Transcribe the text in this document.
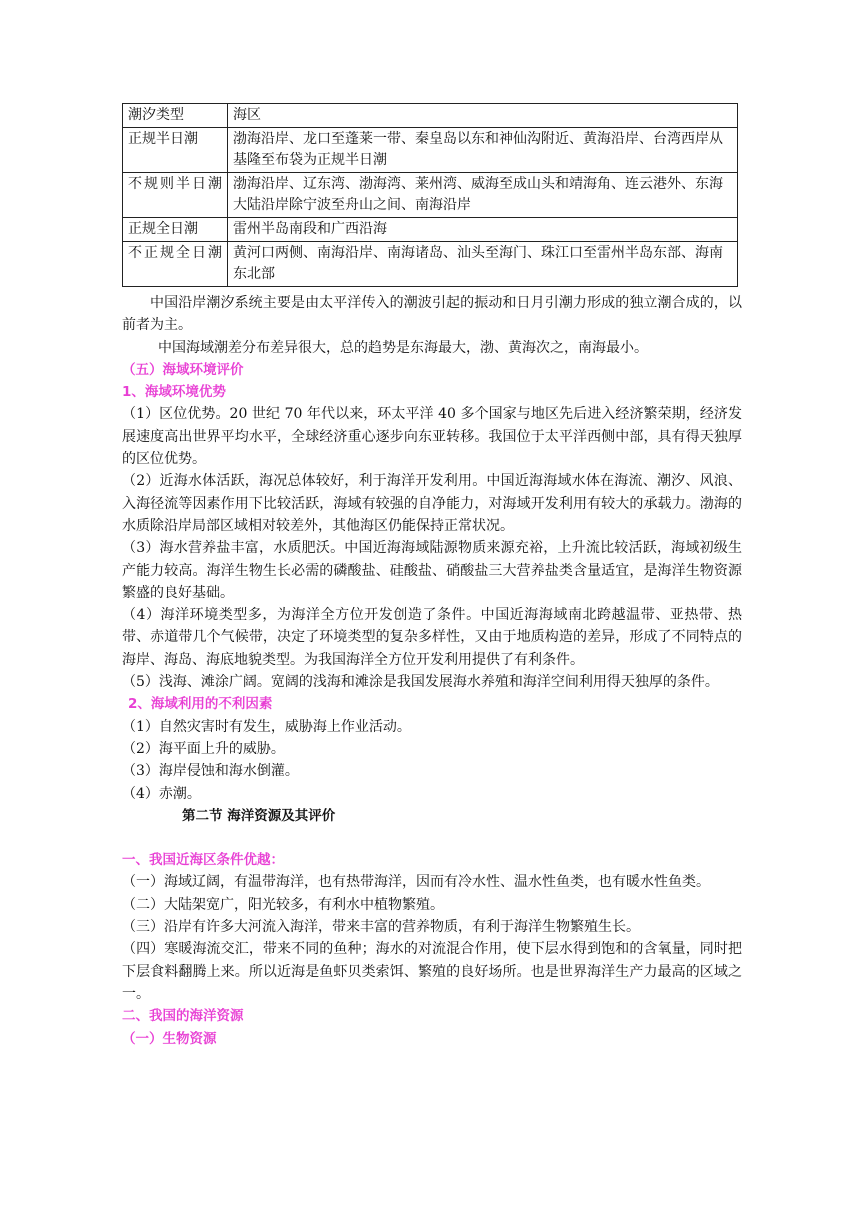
潮汐类型	海区
正规半日潮	渤海沿岸、龙口至蓬莱一带、秦皇岛以东和神仙沟附近、黄海沿岸、台湾西岸从基隆至布袋为正规半日潮
不规则半日潮	渤海沿岸、辽东湾、渤海湾、莱州湾、威海至成山头和靖海角、连云港外、东海大陆沿岸除宁波至舟山之间、南海沿岸
正规全日潮	雷州半岛南段和广西沿海
不正规全日潮	黄河口两侧、南海沿岸、南海诸岛、汕头至海门、珠江口至雷州半岛东部、海南东北部

中国沿岸潮汐系统主要是由太平洋传入的潮波引起的振动和日月引潮力形成的独立潮合成的，以前者为主。

中国海域潮差分布差异很大，总的趋势是东海最大，渤、黄海次之，南海最小。

（五）海域环境评价

1、海域环境优势

（1）区位优势。20 世纪 70 年代以来，环太平洋 40 多个国家与地区先后进入经济繁荣期，经济发展速度高出世界平均水平，全球经济重心逐步向东亚转移。我国位于太平洋西侧中部，具有得天独厚的区位优势。

（2）近海水体活跃，海况总体较好，利于海洋开发利用。中国近海海域水体在海流、潮汐、风浪、入海径流等因素作用下比较活跃，海域有较强的自净能力，对海域开发利用有较大的承载力。渤海的水质除沿岸局部区域相对较差外，其他海区仍能保持正常状况。

（3）海水营养盐丰富，水质肥沃。中国近海海域陆源物质来源充裕，上升流比较活跃，海域初级生产能力较高。海洋生物生长必需的磷酸盐、硅酸盐、硝酸盐三大营养盐类含量适宜，是海洋生物资源繁盛的良好基础。

（4）海洋环境类型多，为海洋全方位开发创造了条件。中国近海海域南北跨越温带、亚热带、热带、赤道带几个气候带，决定了环境类型的复杂多样性，又由于地质构造的差异，形成了不同特点的海岸、海岛、海底地貌类型。为我国海洋全方位开发利用提供了有利条件。

（5）浅海、滩涂广阔。宽阔的浅海和滩涂是我国发展海水养殖和海洋空间利用得天独厚的条件。

2、海域利用的不利因素

（1）自然灾害时有发生，威胁海上作业活动。

（2）海平面上升的威胁。

（3）海岸侵蚀和海水倒灌。

（4）赤潮。

第二节 海洋资源及其评价

一、我国近海区条件优越：

（一）海域辽阔，有温带海洋，也有热带海洋，因而有冷水性、温水性鱼类，也有暖水性鱼类。

（二）大陆架宽广，阳光较多，有利水中植物繁殖。

（三）沿岸有许多大河流入海洋，带来丰富的营养物质，有利于海洋生物繁殖生长。

（四）寒暖海流交汇，带来不同的鱼种；海水的对流混合作用，使下层水得到饱和的含氧量，同时把下层食料翻腾上来。所以近海是鱼虾贝类索饵、繁殖的良好场所。也是世界海洋生产力最高的区域之一。

二、我国的海洋资源

（一）生物资源
